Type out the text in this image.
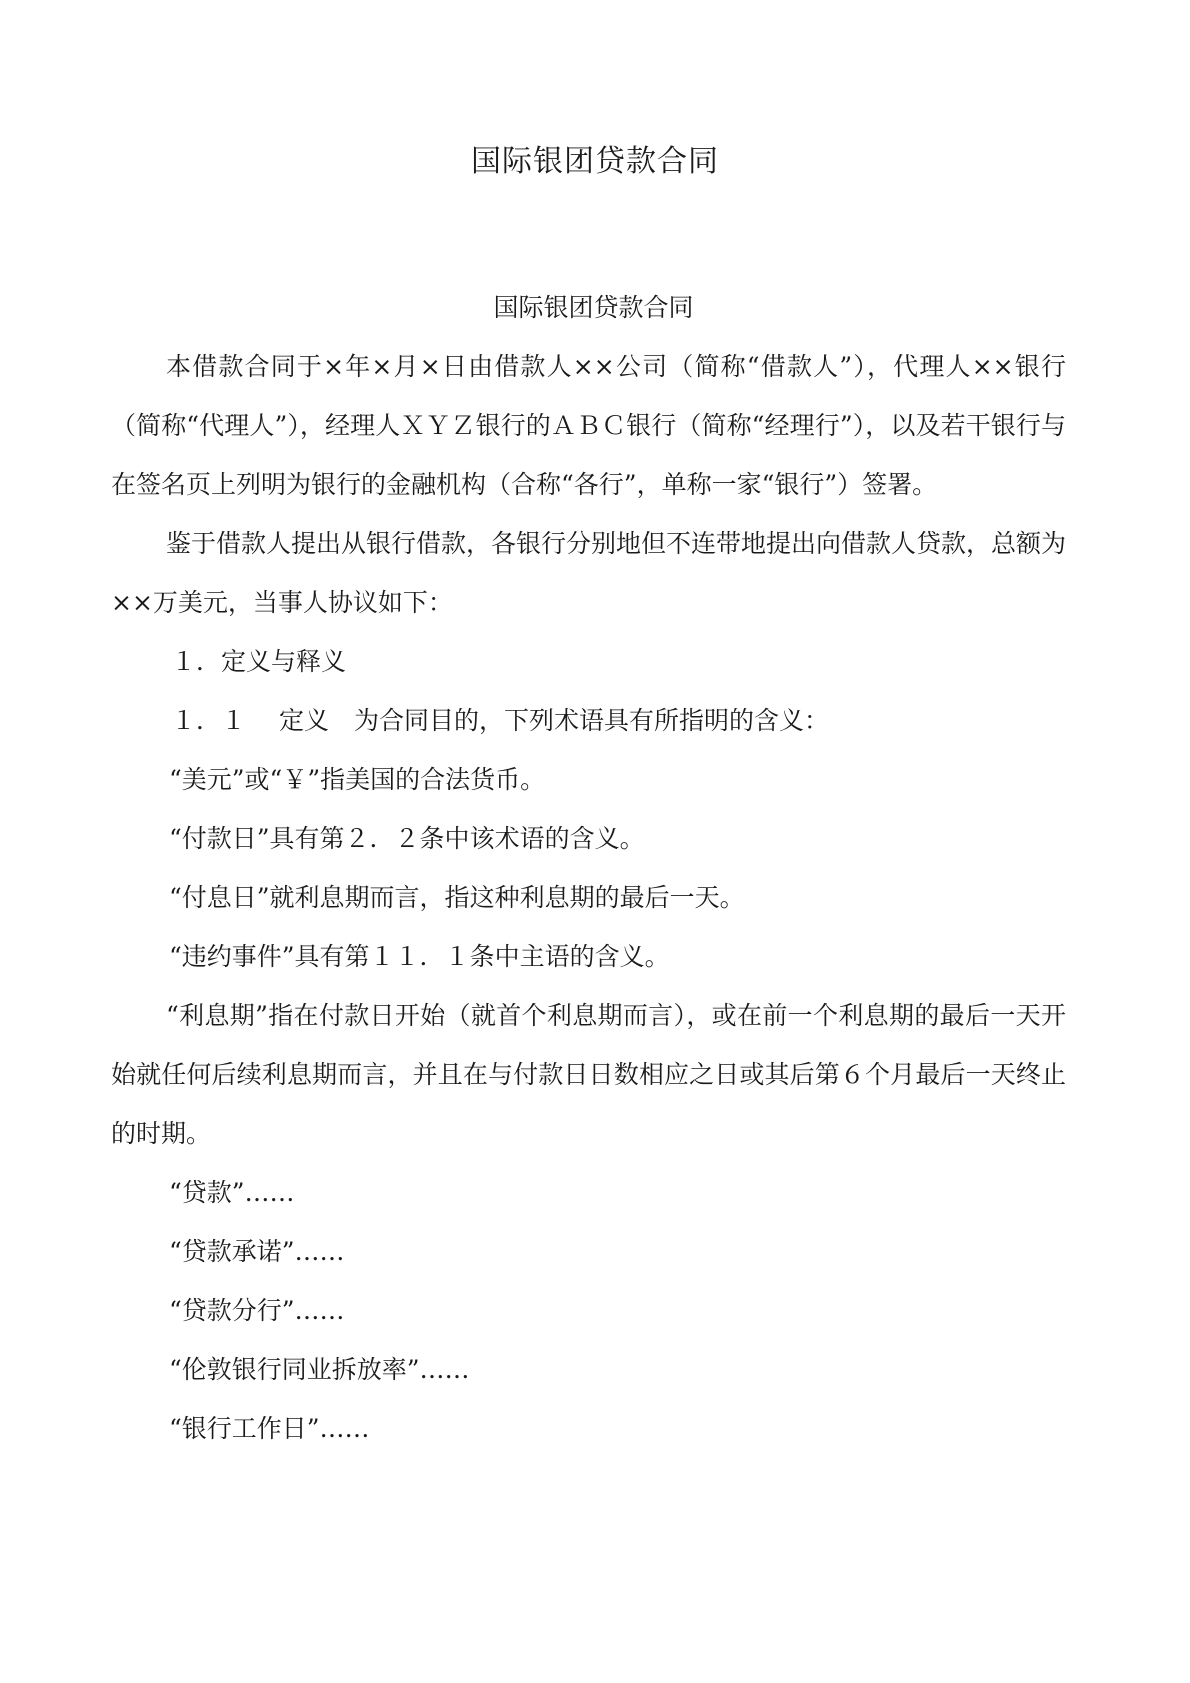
国际银团贷款合同

国际银团贷款合同

本借款合同于×年×月×日由借款人××公司（简称“借款人”），代理人××银行（简称“代理人”），经理人ＸＹＺ银行的ＡＢＣ银行（简称“经理行”），以及若干银行与在签名页上列明为银行的金融机构（合称“各行”，单称一家“银行”）签署。

鉴于借款人提出从银行借款，各银行分别地但不连带地提出向借款人贷款，总额为××万美元，当事人协议如下：

１．定义与释义

１．１　 定义　为合同目的，下列术语具有所指明的含义：

“美元”或“￥”指美国的合法货币。

“付款日”具有第２．２条中该术语的含义。

“付息日”就利息期而言，指这种利息期的最后一天。

“违约事件”具有第１１．１条中主语的含义。

“利息期”指在付款日开始（就首个利息期而言），或在前一个利息期的最后一天开始就任何后续利息期而言，并且在与付款日日数相应之日或其后第６个月最后一天终止的时期。

“贷款”……

“贷款承诺”……

“贷款分行”……

“伦敦银行同业拆放率”……

“银行工作日”……
